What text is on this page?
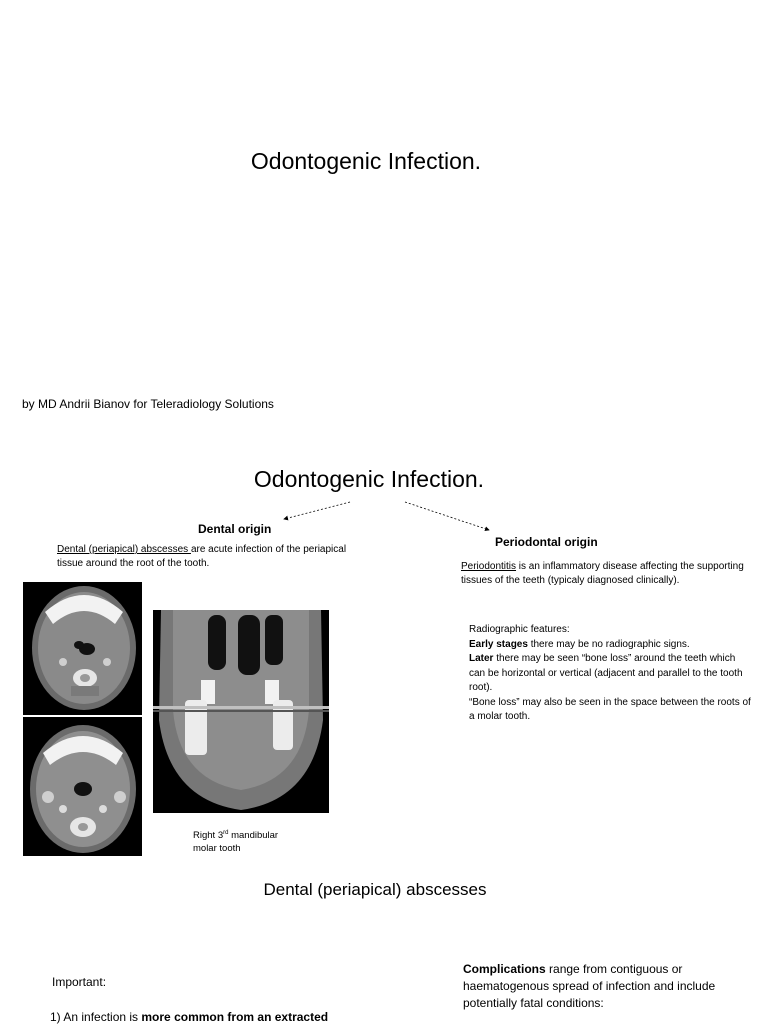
Odontogenic Infection.
by MD Andrii Bianov for Teleradiology Solutions
Odontogenic Infection.
Dental origin
Periodontal origin
Dental (periapical) abscesses are acute infection of the periapical tissue around the root of the tooth.	Periodontitis is an inflammatory disease affecting the supporting tissues of the teeth (typicaly diagnosed clinically).
Radiographic features:
Early stages there may be no radiographic signs.
Later there may be seen “bone loss” around the teeth which can be horizontal or vertical (adjacent and parallel to the tooth root).
“Bone loss” may also be seen in the space between the roots of a molar tooth.
Right 3rd mandibular
molar tooth
Dental (periapical) abscesses
Important:
1) An infection is more common from an extracted
Complications range from contiguous or haematogenous spread of infection and include potentially fatal conditions:
